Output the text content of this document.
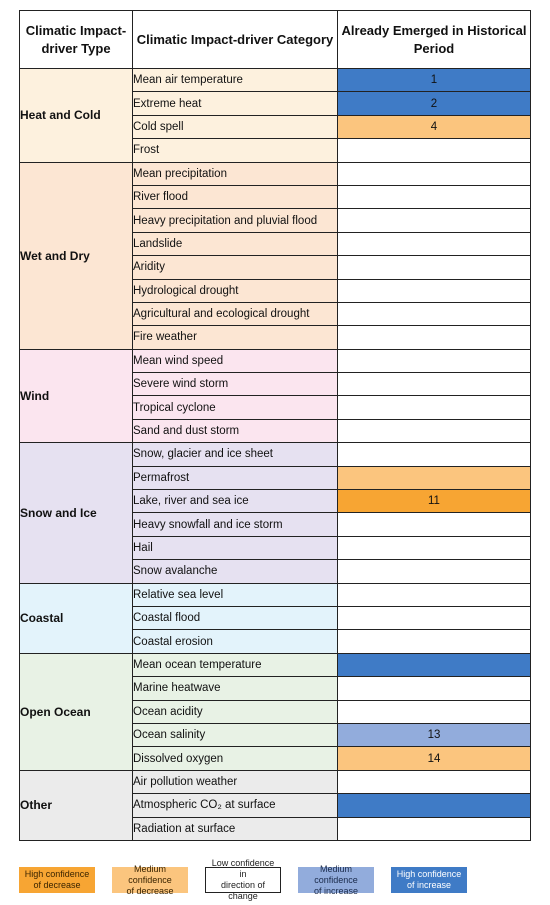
Climatic Impact-driver Type	Climatic Impact-driver Category	Already Emerged in Historical Period
Heat and Cold	Mean air temperature	1
	Extreme heat	2
	Cold spell	4
	Frost	
Wet and Dry	Mean precipitation	
	River flood	
	Heavy precipitation and pluvial flood	
	Landslide	
	Aridity	
	Hydrological drought	
	Agricultural and ecological drought	
	Fire weather	
Wind	Mean wind speed	
	Severe wind storm	
	Tropical cyclone	
	Sand and dust storm	
Snow and Ice	Snow, glacier and ice sheet	
	Permafrost	
	Lake, river and sea ice	11
	Heavy snowfall and ice storm	
	Hail	
	Snow avalanche	
Coastal	Relative sea level	
	Coastal flood	
	Coastal erosion	
Open Ocean	Mean ocean temperature	
	Marine heatwave	
	Ocean acidity	
	Ocean salinity	13
	Dissolved oxygen	14
Other	Air pollution weather	
	Atmospheric CO₂ at surface	
	Radiation at surface	
High confidence
of decrease
Medium confidence
of decrease
Low confidence in
direction of change
Medium confidence
of increase
High confidence
of increase
